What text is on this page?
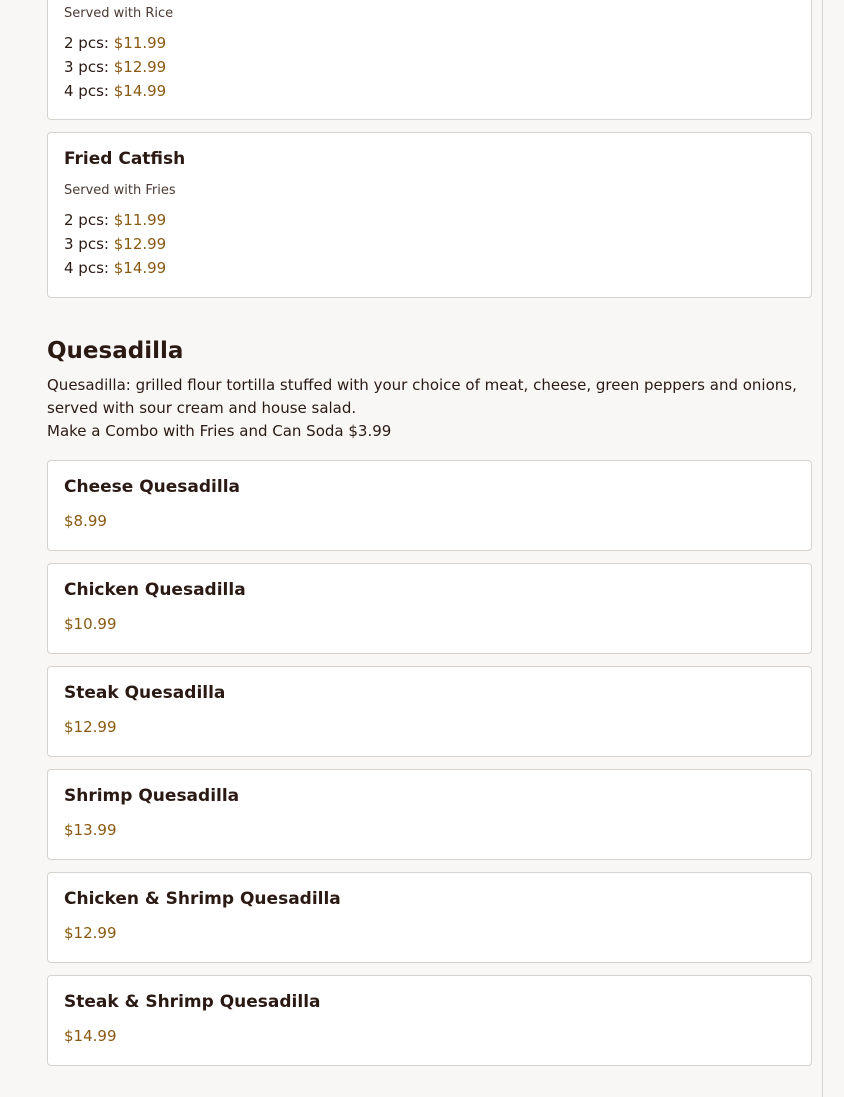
Served with Rice
2 pcs: $11.99
3 pcs: $12.99
4 pcs: $14.99
Fried Catfish
Served with Fries
2 pcs: $11.99
3 pcs: $12.99
4 pcs: $14.99
Quesadilla
Quesadilla: grilled flour tortilla stuffed with your choice of meat, cheese, green peppers and onions, served with sour cream and house salad.
Make a Combo with Fries and Can Soda $3.99
Cheese Quesadilla
$8.99
Chicken Quesadilla
$10.99
Steak Quesadilla
$12.99
Shrimp Quesadilla
$13.99
Chicken & Shrimp Quesadilla
$12.99
Steak & Shrimp Quesadilla
$14.99
